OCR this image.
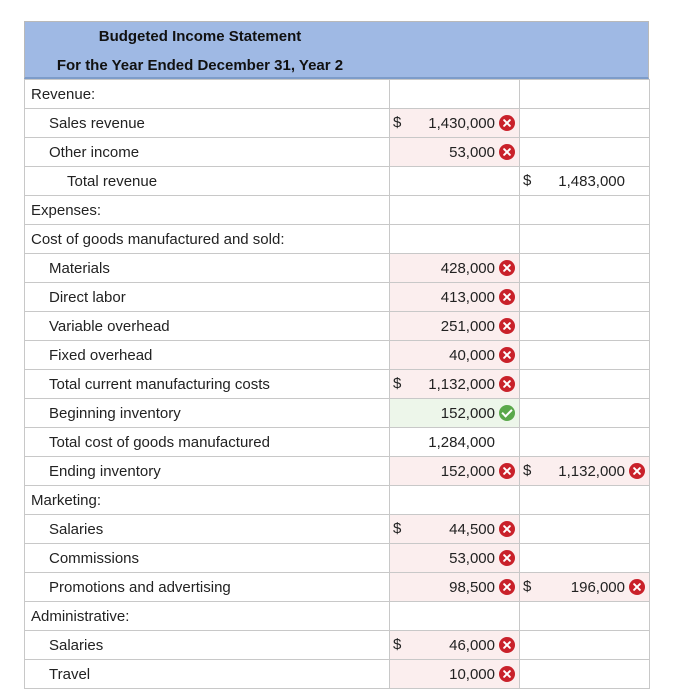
Budgeted Income Statement
For the Year Ended December 31, Year 2
Revenue:		
Sales revenue	$ 1,430,000	
Other income	53,000	
Total revenue		$ 1,483,000
Expenses:		
Cost of goods manufactured and sold:		
Materials	428,000	
Direct labor	413,000	
Variable overhead	251,000	
Fixed overhead	40,000	
Total current manufacturing costs	$ 1,132,000	
Beginning inventory	152,000	
Total cost of goods manufactured	1,284,000	
Ending inventory	152,000	$ 1,132,000
Marketing:		
Salaries	$ 44,500	
Commissions	53,000	
Promotions and advertising	98,500	$ 196,000
Administrative:		
Salaries	$ 46,000	
Travel	10,000	
